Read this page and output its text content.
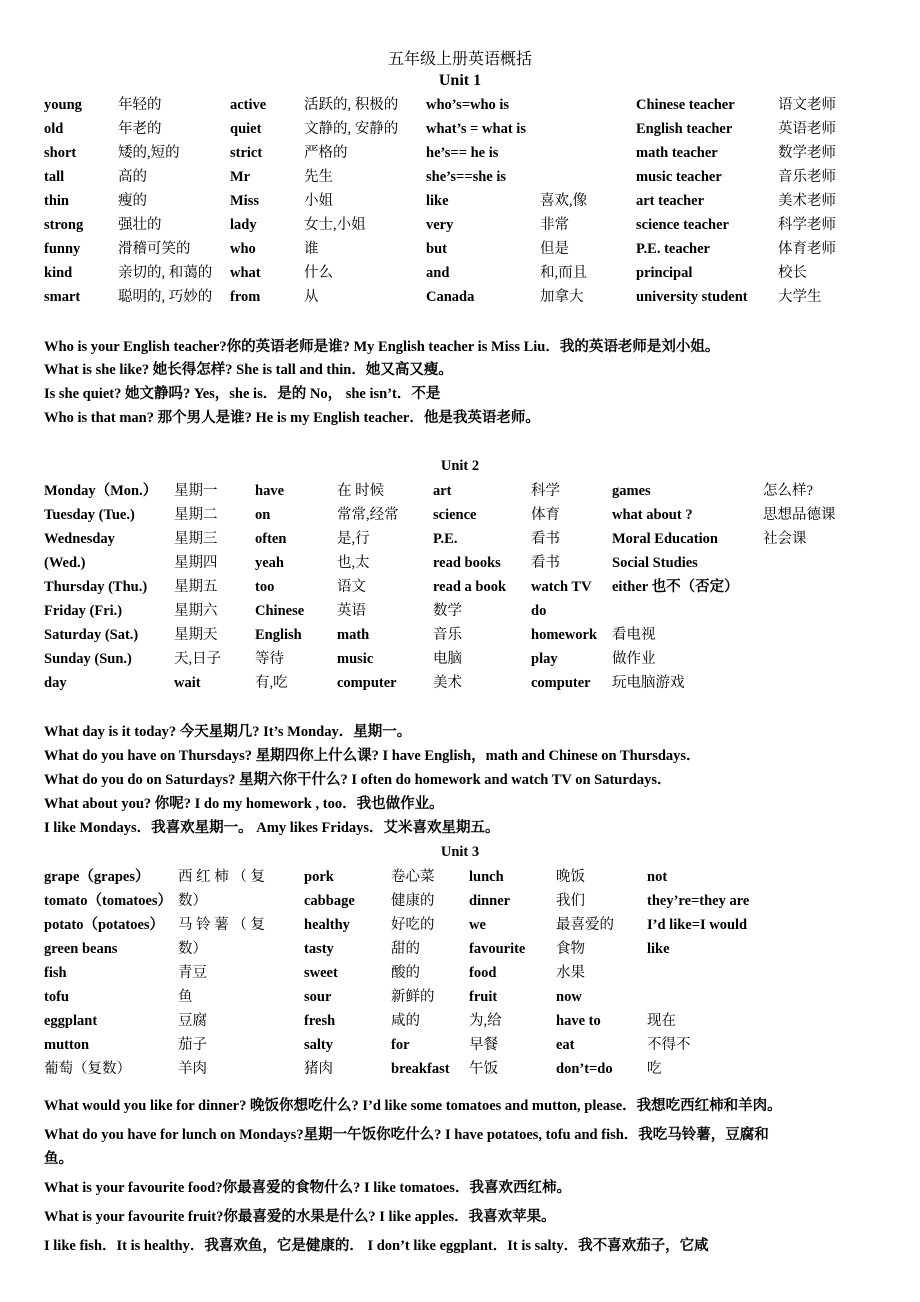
五年级上册英语概括
Unit 1
Unit 2
Unit 3
young
old
short
tall
thin
strong
funny
kind
smart
年轻的
年老的
矮的,短的
高的
瘦的
强壮的
滑稽可笑的
亲切的, 和蔼的
聪明的, 巧妙的
active
quiet
strict
Mr
Miss
lady
who
what
from
活跃的, 积极的
文静的, 安静的
严格的
先生
小姐
女士,小姐
谁
什么
从
who’s=who is
what’s = what is
he’s== he is
she’s==she is
like
very
but
and
Canada
喜欢,像
非常
但是
和,而且
加拿大
Chinese teacher
English teacher
math teacher
music teacher
art teacher
science teacher
P.E. teacher
principal
university student
语文老师
英语老师
数学老师
音乐老师
美术老师
科学老师
体育老师
校长
大学生
Monday（Mon.）
Tuesday (Tue.)
Wednesday
(Wed.)
Thursday (Thu.)
Friday (Fri.)
Saturday (Sat.)
Sunday (Sun.)
day
星期一
星期二
星期三
星期四
星期五
星期六
星期天
天,日子
wait
have
on
often
yeah
too
Chinese
English
等待
有,吃
在 时候
常常,经常
是,行
也,太
语文
英语
math
music
computer
art
science
P.E.
read books
read a book
数学
音乐
电脑
美术
科学
体育
看书
看书
watch TV
do
homework
play
computer
games
what about ?
Moral Education
Social Studies
either 也不（否定）
看电视
做作业
玩电脑游戏
怎么样?
思想品德课
社会课
grape（grapes）
tomato（tomatoes）
potato（potatoes）
green beans
fish
tofu
eggplant
mutton
葡萄（复数）
西 红 柿 （ 复
数）
马 铃 薯 （ 复
数）
青豆
鱼
豆腐
茄子
羊肉
pork
cabbage
healthy
tasty
sweet
sour
fresh
salty
猪肉
卷心菜
健康的
好吃的
甜的
酸的
新鲜的
咸的
for
breakfast
lunch
dinner
we
favourite
food
fruit
为,给
早餐
午饭
晚饭
我们
最喜爱的
食物
水果
now
have to
eat
don’t=do
not
they’re=they are
I’d like=I would
like
现在
不得不
吃
Who is your English teacher?你的英语老师是谁? My English teacher is Miss Liu．我的英语老师是刘小姐。
What is she like? 她长得怎样? She is tall and thin．她又高又瘦。
Is she quiet? 她文静吗? Yes，she is．是的 No， she isn’t．不是
Who is that man? 那个男人是谁? He is my English teacher．他是我英语老师。
What day is it today? 今天星期几? It’s Monday．星期一。
What do you have on Thursdays? 星期四你上什么课? I have English，math and Chinese on Thursdays．
What do you do on Saturdays? 星期六你干什么? I often do homework and watch TV on Saturdays．
What about you? 你呢? I do my homework , too．我也做作业。
I like Mondays．我喜欢星期一。 Amy likes Fridays．艾米喜欢星期五。
What would you like for dinner? 晚饭你想吃什么? I’d like some tomatoes and mutton, please．我想吃西红柿和羊肉。
What do you have for lunch on Mondays?星期一午饭你吃什么? I have potatoes, tofu and fish．我吃马铃薯，豆腐和
鱼。
What is your favourite food?你最喜爱的食物什么? I like tomatoes．我喜欢西红柿。
What is your favourite fruit?你最喜爱的水果是什么? I like apples．我喜欢苹果。
I like fish．It is healthy．我喜欢鱼，它是健康的． I don’t like eggplant．It is salty．我不喜欢茄子，它咸
